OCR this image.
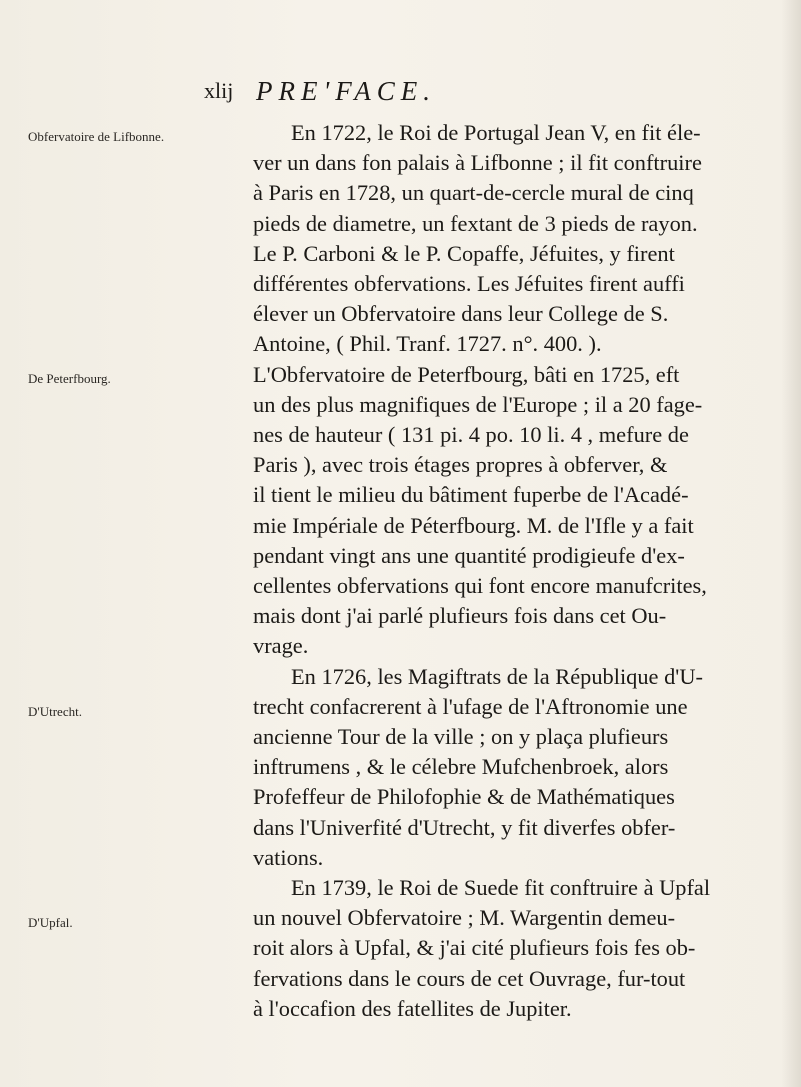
xlij PRE'FACE.
Obfervatoire de Lifbonne.
De Peterfbourg.
D'Utrecht.
D'Upfal.
En 1722, le Roi de Portugal Jean V, en fit éle-
ver un dans fon palais à Lifbonne ; il fit conftruire
à Paris en 1728, un quart-de-cercle mural de cinq
pieds de diametre, un fextant de 3 pieds de rayon.
Le P. Carboni & le P. Copaffe, Jéfuites, y firent
différentes obfervations. Les Jéfuites firent auffi
élever un Obfervatoire dans leur College de S.
Antoine, ( Phil. Tranf. 1727. n°. 400. ).
L'Obfervatoire de Peterfbourg, bâti en 1725, eft
un des plus magnifiques de l'Europe ; il a 20 fage-
nes de hauteur ( 131 pi. 4 po. 10 li. 4 , mefure de
Paris ), avec trois étages propres à obferver, &
il tient le milieu du bâtiment fuperbe de l'Acadé-
mie Impériale de Péterfbourg. M. de l'Ifle y a fait
pendant vingt ans une quantité prodigieufe d'ex-
cellentes obfervations qui font encore manufcrites,
mais dont j'ai parlé plufieurs fois dans cet Ou-
vrage.
En 1726, les Magiftrats de la République d'U-
trecht confacrerent à l'ufage de l'Aftronomie une
ancienne Tour de la ville ; on y plaça plufieurs
inftrumens , & le célebre Mufchenbroek, alors
Profeffeur de Philofophie & de Mathématiques
dans l'Univerfité d'Utrecht, y fit diverfes obfer-
vations.
En 1739, le Roi de Suede fit conftruire à Upfal
un nouvel Obfervatoire ; M. Wargentin demeu-
roit alors à Upfal, & j'ai cité plufieurs fois fes ob-
fervations dans le cours de cet Ouvrage, fur-tout
à l'occafion des fatellites de Jupiter.
